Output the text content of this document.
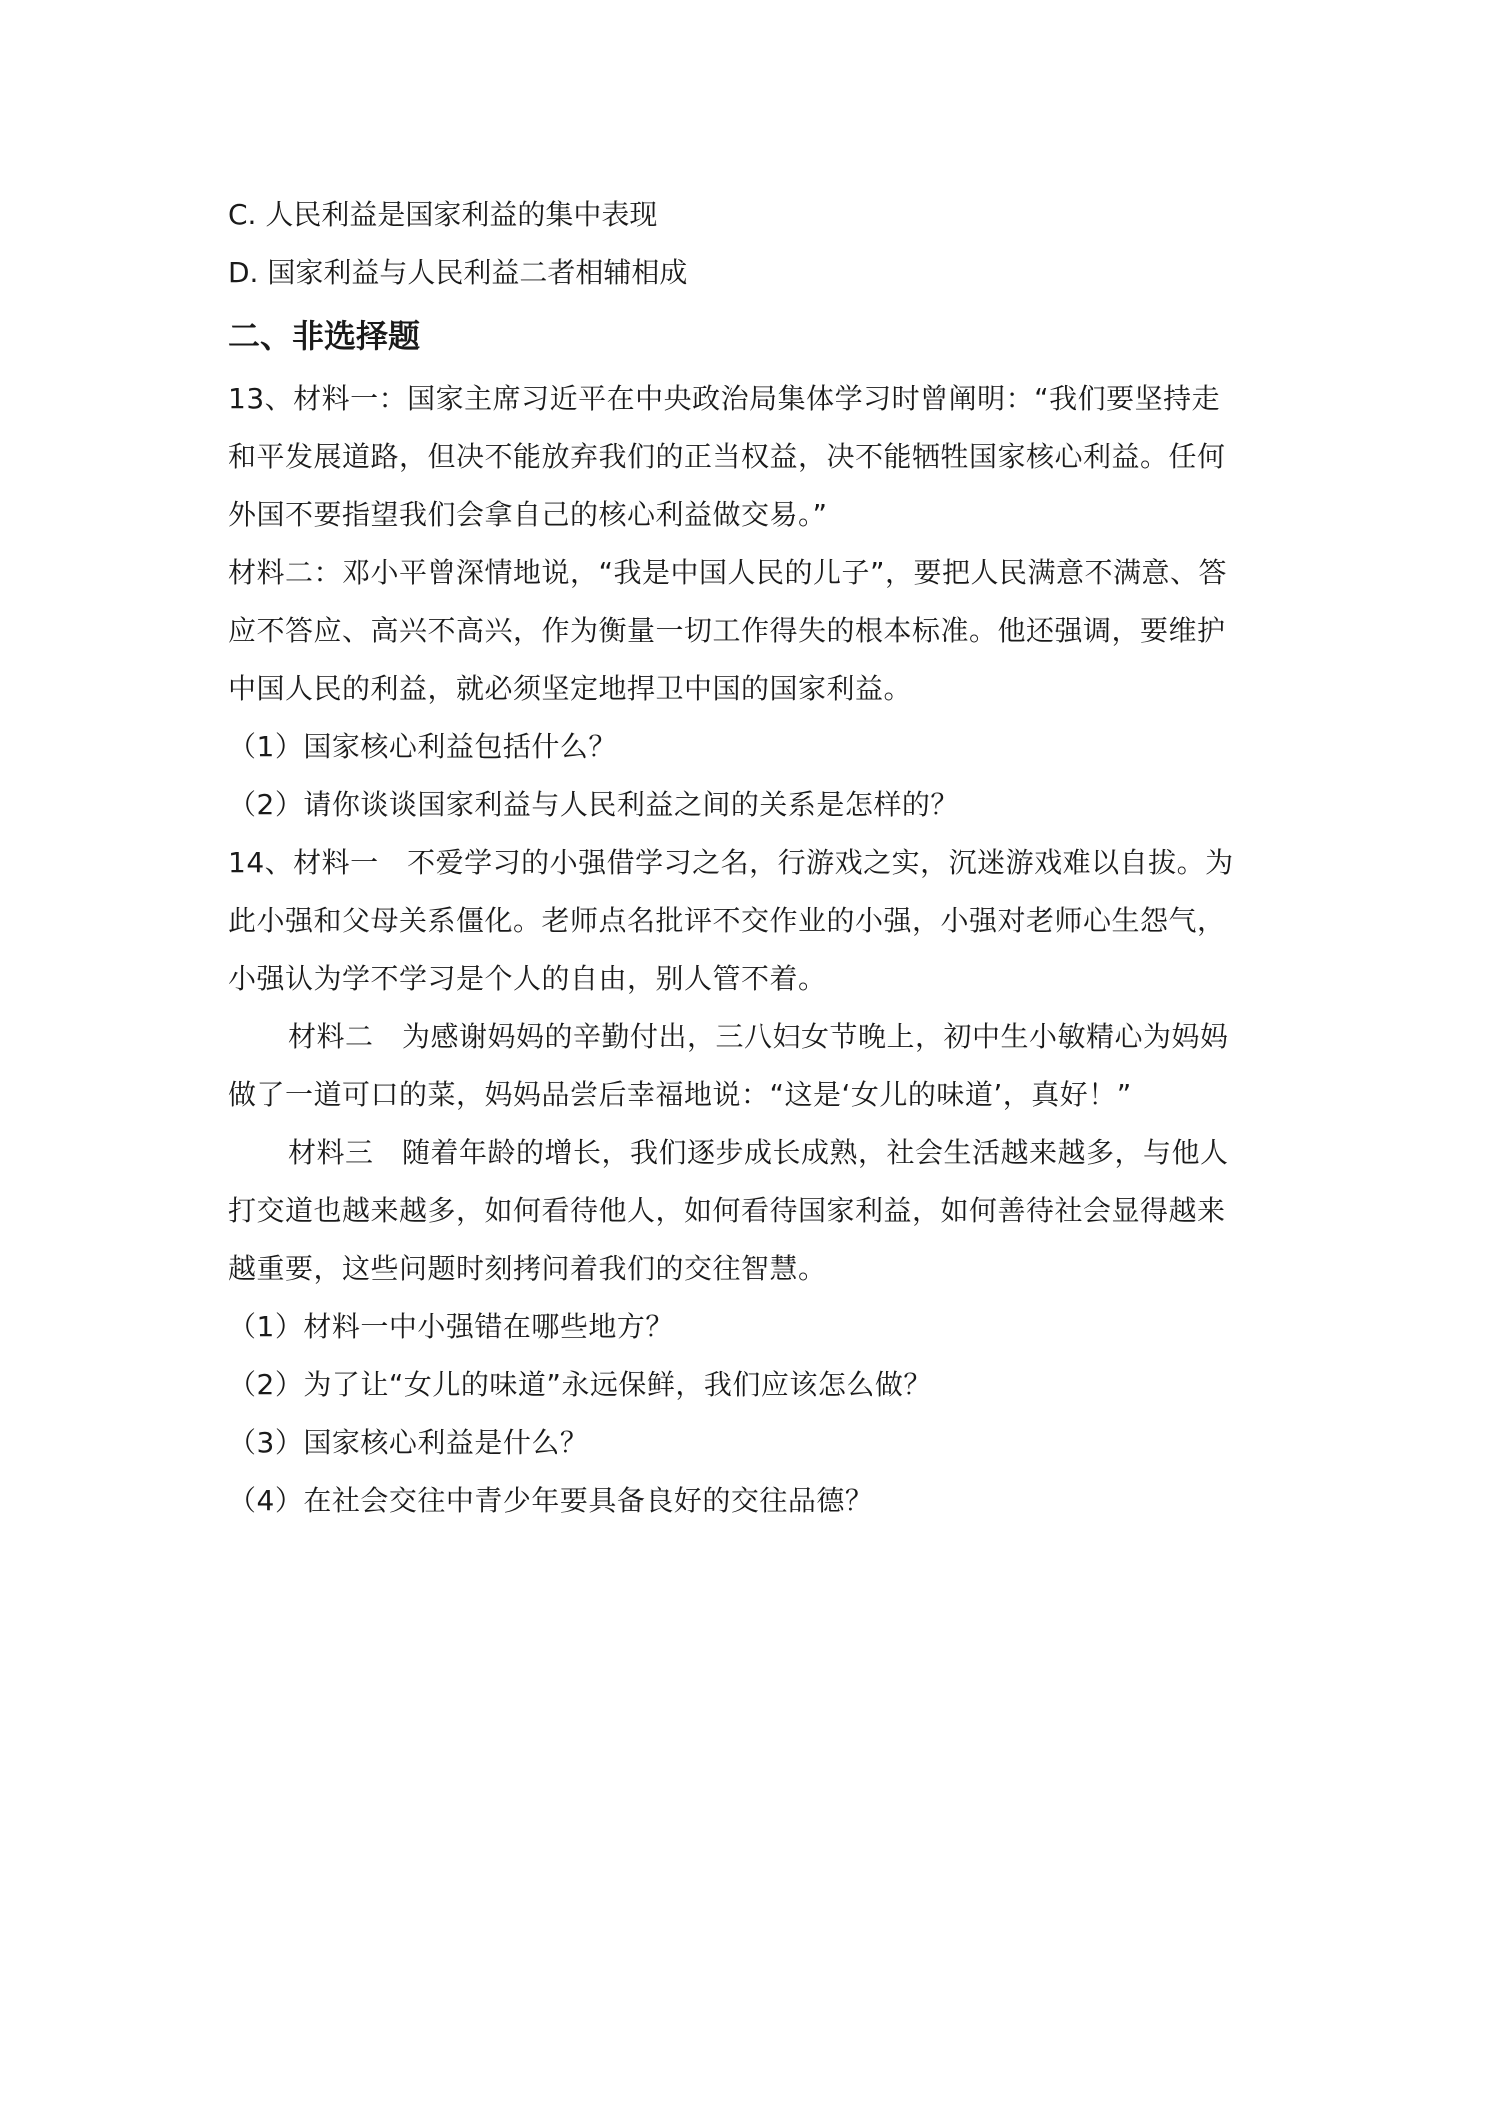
C. 人民利益是国家利益的集中表现
D. 国家利益与人民利益二者相辅相成
二、非选择题
13、材料一：国家主席习近平在中央政治局集体学习时曾阐明：“我们要坚持走
和平发展道路，但决不能放弃我们的正当权益，决不能牺牲国家核心利益。任何
外国不要指望我们会拿自己的核心利益做交易。”
材料二：邓小平曾深情地说，“我是中国人民的儿子”，要把人民满意不满意、答
应不答应、高兴不高兴，作为衡量一切工作得失的根本标准。他还强调，要维护
中国人民的利益，就必须坚定地捍卫中国的国家利益。
（1）国家核心利益包括什么？
（2）请你谈谈国家利益与人民利益之间的关系是怎样的？
14、材料一　不爱学习的小强借学习之名，行游戏之实，沉迷游戏难以自拔。为
此小强和父母关系僵化。老师点名批评不交作业的小强，小强对老师心生怨气，
小强认为学不学习是个人的自由，别人管不着。
材料二　为感谢妈妈的辛勤付出，三八妇女节晚上，初中生小敏精心为妈妈
做了一道可口的菜，妈妈品尝后幸福地说：“这是‘女儿的味道’，真好！”
材料三　随着年龄的增长，我们逐步成长成熟，社会生活越来越多，与他人
打交道也越来越多，如何看待他人，如何看待国家利益，如何善待社会显得越来
越重要，这些问题时刻拷问着我们的交往智慧。
（1）材料一中小强错在哪些地方？
（2）为了让“女儿的味道”永远保鲜，我们应该怎么做？
（3）国家核心利益是什么？
（4）在社会交往中青少年要具备良好的交往品德？
